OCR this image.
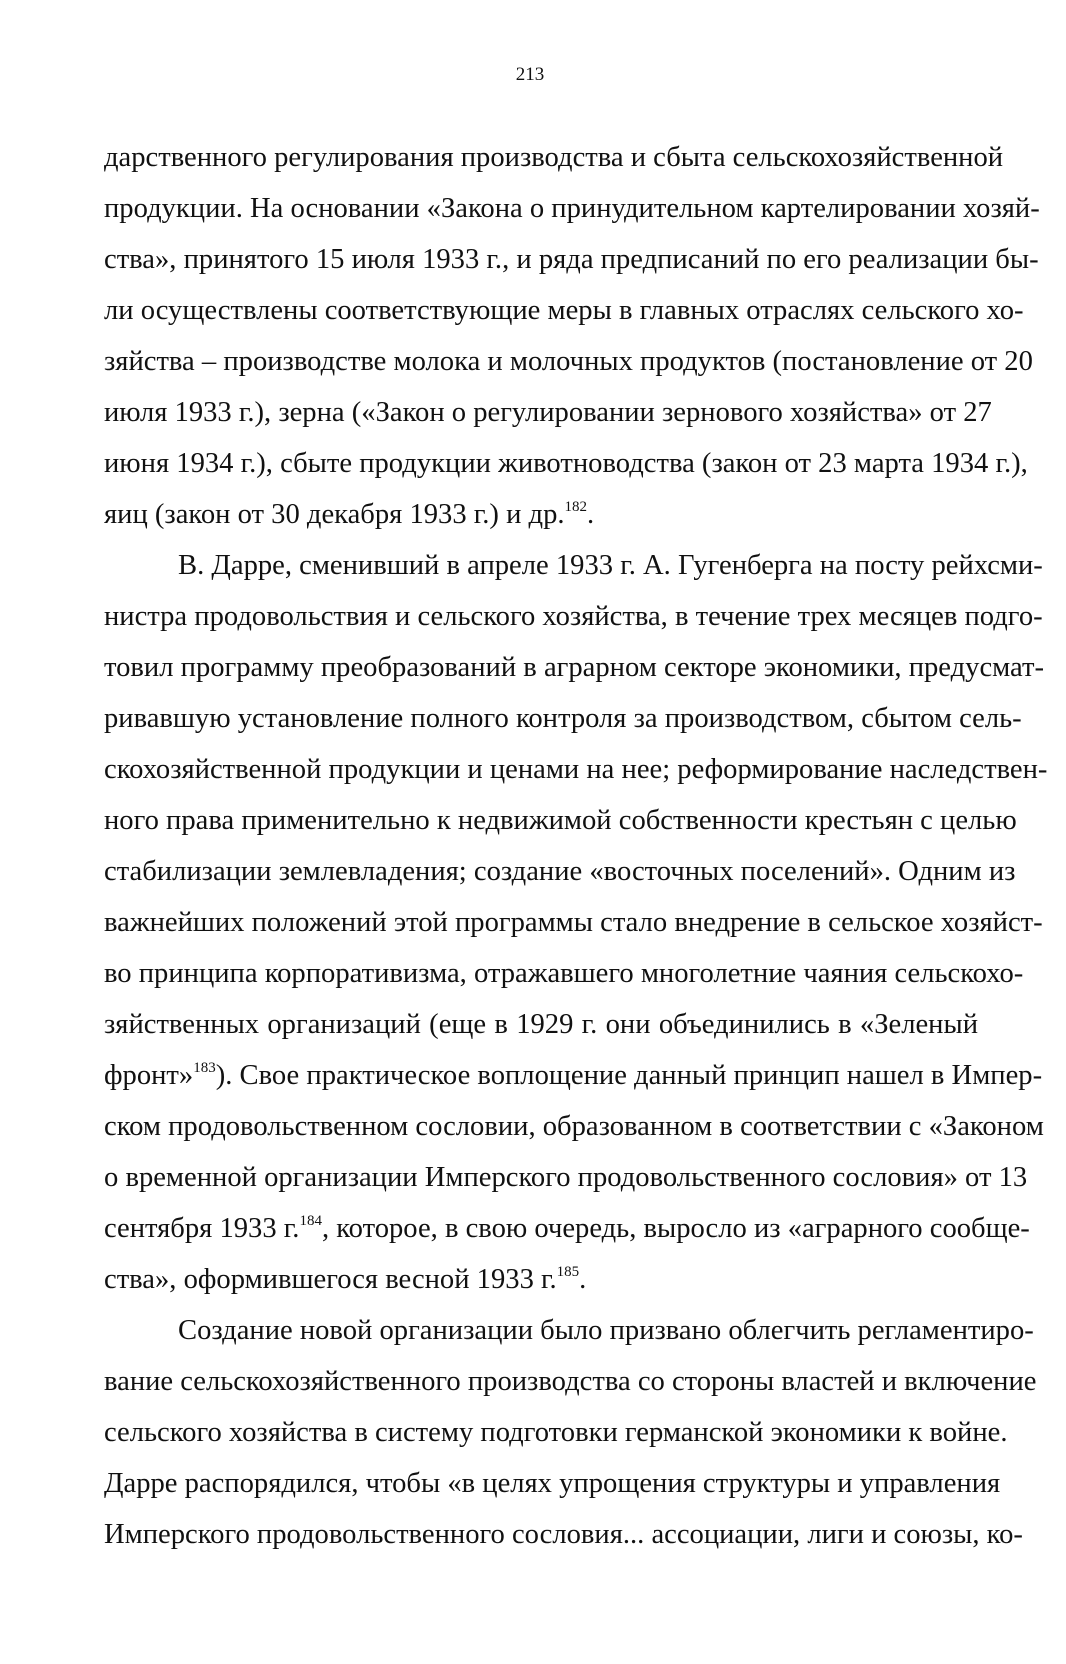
213
дарственного регулирования производства и сбыта сельскохозяйственной
продукции. На основании «Закона о принудительном картелировании хозяй-
ства», принятого 15 июля 1933 г., и ряда предписаний по его реализации бы-
ли осуществлены соответствующие меры в главных отраслях сельского хо-
зяйства – производстве молока и молочных продуктов (постановление от 20
июля 1933 г.), зерна («Закон о регулировании зернового хозяйства» от 27
июня 1934 г.), сбыте продукции животноводства (закон от 23 марта 1934 г.),
яиц (закон от 30 декабря 1933 г.) и др.$^{182}$.
В. Дарре, сменивший в апреле 1933 г. А. Гугенберга на посту рейхсми-
нистра продовольствия и сельского хозяйства, в течение трех месяцев подго-
товил программу преобразований в аграрном секторе экономики, предусмат-
ривавшую установление полного контроля за производством, сбытом сель-
скохозяйственной продукции и ценами на нее; реформирование наследствен-
ного права применительно к недвижимой собственности крестьян с целью
стабилизации землевладения; создание «восточных поселений». Одним из
важнейших положений этой программы стало внедрение в сельское хозяйст-
во принципа корпоративизма, отражавшего многолетние чаяния сельскохо-
зяйственных организаций (еще в 1929 г. они объединились в «Зеленый
фронт»$^{183}$). Свое практическое воплощение данный принцип нашел в Импер-
ском продовольственном сословии, образованном в соответствии с «Законом
о временной организации Имперского продовольственного сословия» от 13
сентября 1933 г.$^{184}$, которое, в свою очередь, выросло из «аграрного сообще-
ства», оформившегося весной 1933 г.$^{185}$.
Создание новой организации было призвано облегчить регламентиро-
вание сельскохозяйственного производства со стороны властей и включение
сельского хозяйства в систему подготовки германской экономики к войне.
Дарре распорядился, чтобы «в целях упрощения структуры и управления
Имперского продовольственного сословия... ассоциации, лиги и союзы, ко-
